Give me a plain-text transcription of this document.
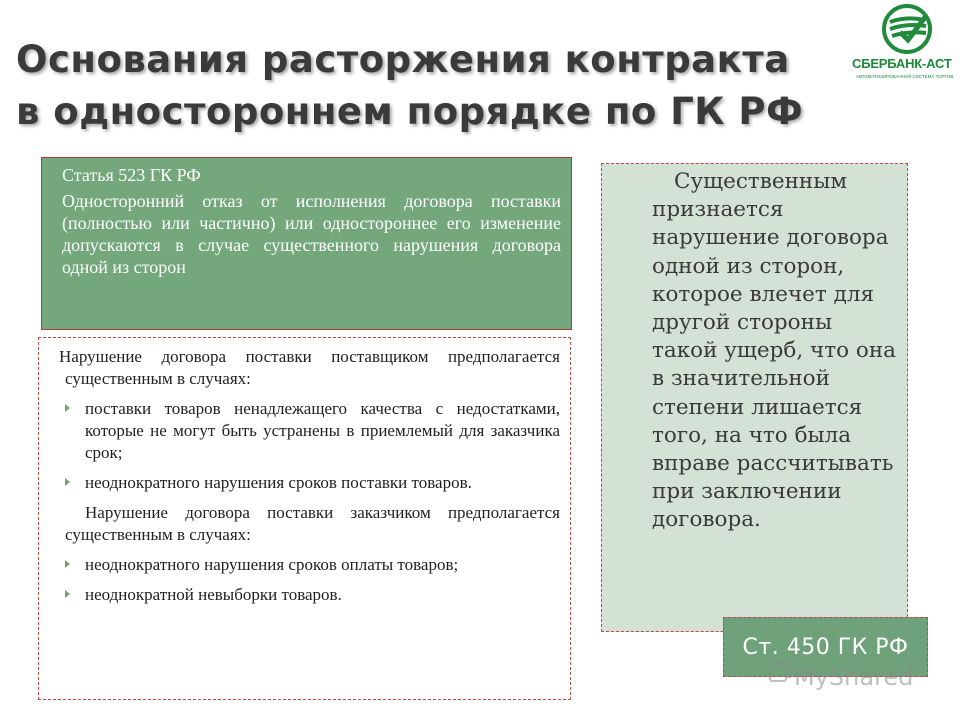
Основания расторжения контракта
в одностороннем порядке по ГК РФ
СБЕРБАНК-АСТ
АВТОМАТИЗИРОВАННАЯ СИСТЕМА ТОРГОВ
Статья 523 ГК РФ
Односторонний отказ от исполнения договора поставки (полностью или частично) или одностороннее его изменение допускаются в случае существенного нарушения договора одной из сторон
Нарушение договора поставки поставщиком предполагается существенным в случаях:
поставки товаров ненадлежащего качества с недостатками, которые не могут быть устранены в приемлемый для заказчика срок;
неоднократного нарушения сроков поставки товаров.
Нарушение договора поставки заказчиком предполагается существенным в случаях:
неоднократного нарушения сроков оплаты товаров;
неоднократной невыборки товаров.
Существенным признается нарушение договора одной из сторон, которое влечет для другой стороны такой ущерб, что она в значительной степени лишается того, на что была вправе рассчитывать при заключении договора.
Ст. 450 ГК РФ
MyShared
